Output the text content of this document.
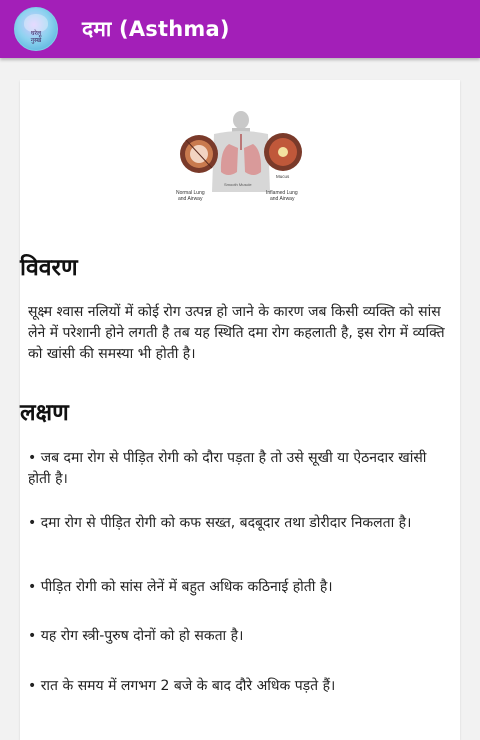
घरेलू
नुस्खे	दमा (Asthma)
Normal Lung
and Airway
Inflamed Lung
and Airway
Mucus
Smooth Muscle
विवरण

सूक्ष्म श्वास नलियों में कोई रोग उत्पन्न हो जाने के कारण जब किसी व्यक्ति को सांस लेने में परेशानी होने लगती है तब यह स्थिति दमा रोग कहलाती है, इस रोग में व्यक्ति को खांसी की समस्या भी होती है।

लक्षण

• जब दमा रोग से पीड़ित रोगी को दौरा पड़ता है तो उसे सूखी या ऐठनदार खांसी होती है।

• दमा रोग से पीड़ित रोगी को कफ सख्त, बदबूदार तथा डोरीदार निकलता है।

• पीड़ित रोगी को सांस लेनें में बहुत अधिक कठिनाई होती है।

• यह रोग स्त्री-पुरुष दोनों को हो सकता है।

• रात के समय में लगभग 2 बजे के बाद दौरे अधिक पड़ते हैं।
